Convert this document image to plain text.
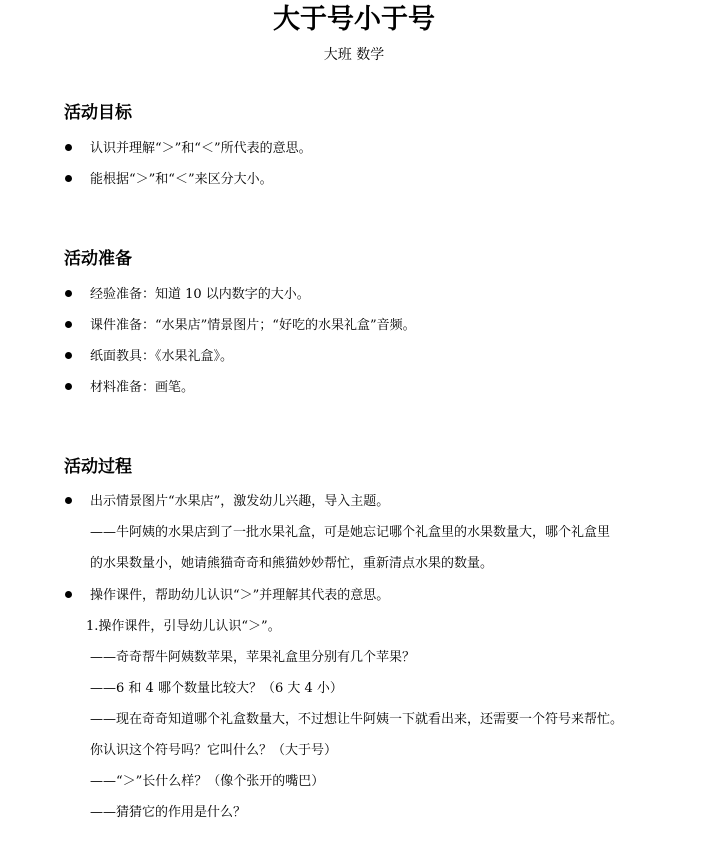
大于号小于号
大班 数学
活动目标
认识并理解“＞”和“＜”所代表的意思。
能根据“＞”和“＜”来区分大小。
活动准备
经验准备：知道 10 以内数字的大小。
课件准备：“水果店”情景图片；“好吃的水果礼盒”音频。
纸面教具：《水果礼盒》。
材料准备：画笔。
活动过程
出示情景图片“水果店”，激发幼儿兴趣，导入主题。
——牛阿姨的水果店到了一批水果礼盒，可是她忘记哪个礼盒里的水果数量大，哪个礼盒里
的水果数量小，她请熊猫奇奇和熊猫妙妙帮忙，重新清点水果的数量。
操作课件，帮助幼儿认识“＞”并理解其代表的意思。
1.操作课件，引导幼儿认识“＞”。
——奇奇帮牛阿姨数苹果，苹果礼盒里分别有几个苹果？
——6 和 4 哪个数量比较大？（6 大 4 小）
——现在奇奇知道哪个礼盒数量大，不过想让牛阿姨一下就看出来，还需要一个符号来帮忙。
你认识这个符号吗？它叫什么？（大于号）
——“＞”长什么样？（像个张开的嘴巴）
——猜猜它的作用是什么？
